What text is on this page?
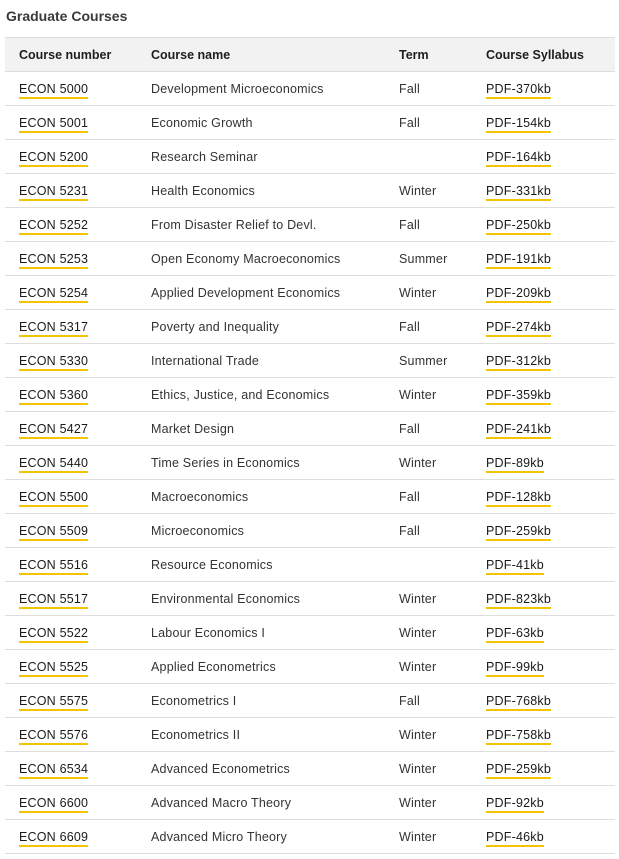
Graduate Courses
Course number	Course name	Term	Course Syllabus
ECON 5000	Development Microeconomics	Fall	PDF-370kb
ECON 5001	Economic Growth	Fall	PDF-154kb
ECON 5200	Research Seminar		PDF-164kb
ECON 5231	Health Economics	Winter	PDF-331kb
ECON 5252	From Disaster Relief to Devl.	Fall	PDF-250kb
ECON 5253	Open Economy Macroeconomics	Summer	PDF-191kb
ECON 5254	Applied Development Economics	Winter	PDF-209kb
ECON 5317	Poverty and Inequality	Fall	PDF-274kb
ECON 5330	International Trade	Summer	PDF-312kb
ECON 5360	Ethics, Justice, and Economics	Winter	PDF-359kb
ECON 5427	Market Design	Fall	PDF-241kb
ECON 5440	Time Series in Economics	Winter	PDF-89kb
ECON 5500	Macroeconomics	Fall	PDF-128kb
ECON 5509	Microeconomics	Fall	PDF-259kb
ECON 5516	Resource Economics		PDF-41kb
ECON 5517	Environmental Economics	Winter	PDF-823kb
ECON 5522	Labour Economics I	Winter	PDF-63kb
ECON 5525	Applied Econometrics	Winter	PDF-99kb
ECON 5575	Econometrics I	Fall	PDF-768kb
ECON 5576	Econometrics II	Winter	PDF-758kb
ECON 6534	Advanced Econometrics	Winter	PDF-259kb
ECON 6600	Advanced Macro Theory	Winter	PDF-92kb
ECON 6609	Advanced Micro Theory	Winter	PDF-46kb
